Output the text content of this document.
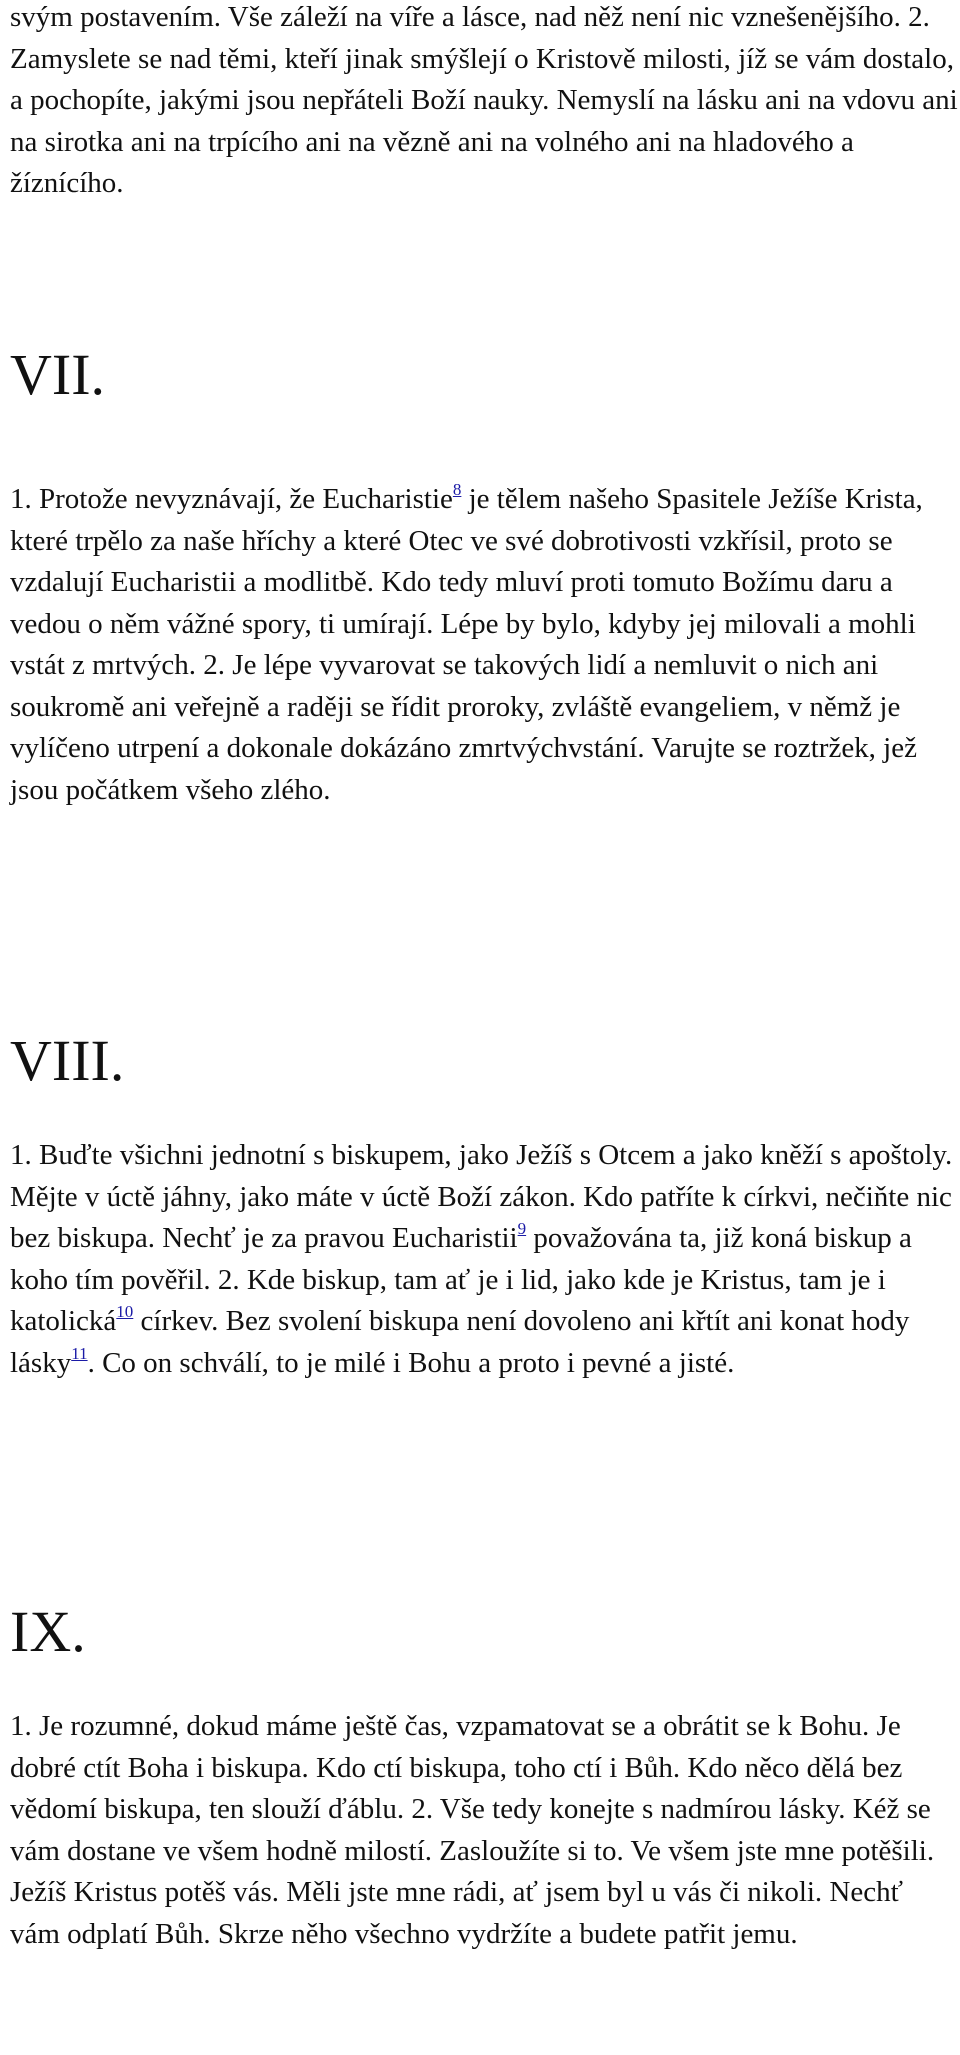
svým postavením. Vše záleží na víře a lásce, nad něž není nic vznešenějšího. 2. Zamyslete se nad těmi, kteří jinak smýšlejí o Kristově milosti, jíž se vám dostalo, a pochopíte, jakými jsou nepřáteli Boží nauky. Nemyslí na lásku ani na vdovu ani na sirotka ani na trpícího ani na vězně ani na volného ani na hladového a žíznícího.

VII.

1. Protože nevyznávají, že Eucharistie$^8$ je tělem našeho Spasitele Ježíše Krista, které trpělo za naše hříchy a které Otec ve své dobrotivosti vzkřísil, proto se vzdalují Eucharistii a modlitbě. Kdo tedy mluví proti tomuto Božímu daru a vedou o něm vážné spory, ti umírají. Lépe by bylo, kdyby jej milovali a mohli vstát z mrtvých. 2. Je lépe vyvarovat se takových lidí a nemluvit o nich ani soukromě ani veřejně a raději se řídit proroky, zvláště evangeliem, v němž je vylíčeno utrpení a dokonale dokázáno zmrtvýchvstání. Varujte se roztržek, jež jsou počátkem všeho zlého.

VIII.

1. Buďte všichni jednotní s biskupem, jako Ježíš s Otcem a jako kněží s apoštoly. Mějte v úctě jáhny, jako máte v úctě Boží zákon. Kdo patříte k církvi, nečiňte nic bez biskupa. Nechť je za pravou Eucharistii$^9$ považována ta, již koná biskup a koho tím pověřil. 2. Kde biskup, tam ať je i lid, jako kde je Kristus, tam je i katolická$^{10}$ církev. Bez svolení biskupa není dovoleno ani křtít ani konat hody lásky$^{11}$. Co on schválí, to je milé i Bohu a proto i pevné a jisté.

IX.

1. Je rozumné, dokud máme ještě čas, vzpamatovat se a obrátit se k Bohu. Je dobré ctít Boha i biskupa. Kdo ctí biskupa, toho ctí i Bůh. Kdo něco dělá bez vědomí biskupa, ten slouží ďáblu. 2. Vše tedy konejte s nadmírou lásky. Kéž se vám dostane ve všem hodně milostí. Zasloužíte si to. Ve všem jste mne potěšili. Ježíš Kristus potěš vás. Měli jste mne rádi, ať jsem byl u vás či nikoli. Nechť vám odplatí Bůh. Skrze něho všechno vydržíte a budete patřit jemu.
